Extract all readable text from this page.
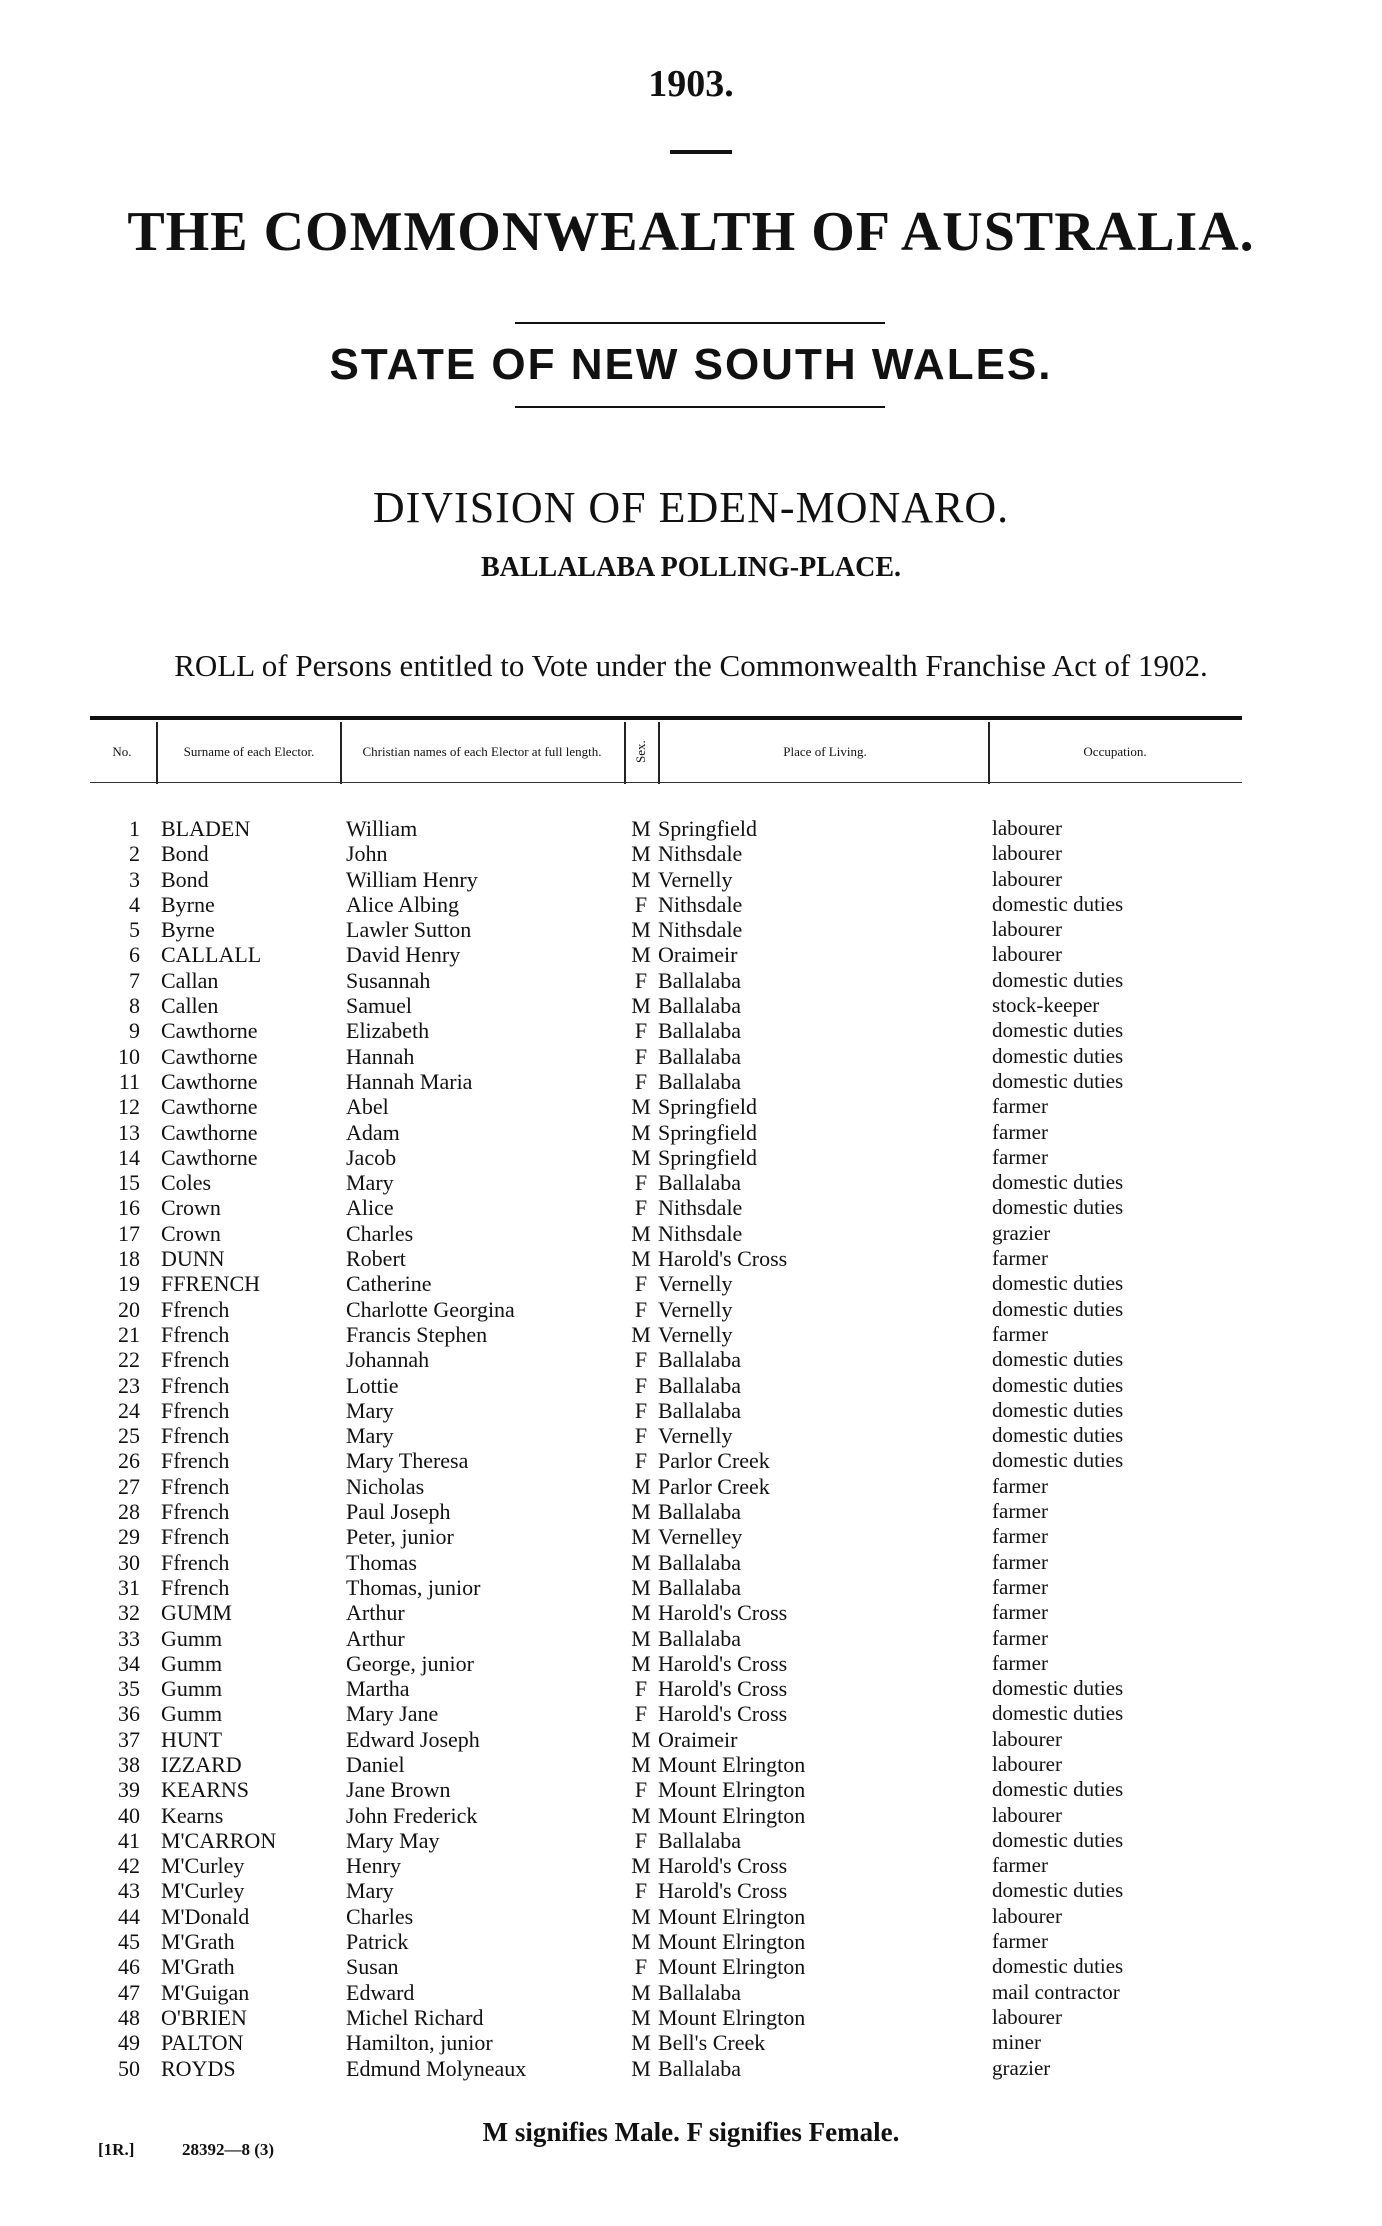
1903.
THE COMMONWEALTH OF AUSTRALIA.
STATE OF NEW SOUTH WALES.
DIVISION OF EDEN-MONARO.
BALLALABA POLLING-PLACE.
ROLL of Persons entitled to Vote under the Commonwealth Franchise Act of 1902.
No.	Surname of each Elector.	Christian names of each Elector at full length.	Sex.	Place of Living.	Occupation.
1 BLADEN	William	M Springfield	labourer
2 Bond	John	M Nithsdale	labourer
3 Bond	William Henry	M Vernelly	labourer
4 Byrne	Alice Albing	F Nithsdale	domestic duties
5 Byrne	Lawler Sutton	M Nithsdale	labourer
6 CALLALL	David Henry	M Oraimeir	labourer
7 Callan	Susannah	F Ballalaba	domestic duties
8 Callen	Samuel	M Ballalaba	stock-keeper
9 Cawthorne	Elizabeth	F Ballalaba	domestic duties
10 Cawthorne	Hannah	F Ballalaba	domestic duties
11 Cawthorne	Hannah Maria	F Ballalaba	domestic duties
12 Cawthorne	Abel	M Springfield	farmer
13 Cawthorne	Adam	M Springfield	farmer
14 Cawthorne	Jacob	M Springfield	farmer
15 Coles	Mary	F Ballalaba	domestic duties
16 Crown	Alice	F Nithsdale	domestic duties
17 Crown	Charles	M Nithsdale	grazier
18 DUNN	Robert	M Harold's Cross	farmer
19 FFRENCH	Catherine	F Vernelly	domestic duties
20 Ffrench	Charlotte Georgina	F Vernelly	domestic duties
21 Ffrench	Francis Stephen	M Vernelly	farmer
22 Ffrench	Johannah	F Ballalaba	domestic duties
23 Ffrench	Lottie	F Ballalaba	domestic duties
24 Ffrench	Mary	F Ballalaba	domestic duties
25 Ffrench	Mary	F Vernelly	domestic duties
26 Ffrench	Mary Theresa	F Parlor Creek	domestic duties
27 Ffrench	Nicholas	M Parlor Creek	farmer
28 Ffrench	Paul Joseph	M Ballalaba	farmer
29 Ffrench	Peter, junior	M Vernelley	farmer
30 Ffrench	Thomas	M Ballalaba	farmer
31 Ffrench	Thomas, junior	M Ballalaba	farmer
32 GUMM	Arthur	M Harold's Cross	farmer
33 Gumm	Arthur	M Ballalaba	farmer
34 Gumm	George, junior	M Harold's Cross	farmer
35 Gumm	Martha	F Harold's Cross	domestic duties
36 Gumm	Mary Jane	F Harold's Cross	domestic duties
37 HUNT	Edward Joseph	M Oraimeir	labourer
38 IZZARD	Daniel	M Mount Elrington	labourer
39 KEARNS	Jane Brown	F Mount Elrington	domestic duties
40 Kearns	John Frederick	M Mount Elrington	labourer
41 M'CARRON	Mary May	F Ballalaba	domestic duties
42 M'Curley	Henry	M Harold's Cross	farmer
43 M'Curley	Mary	F Harold's Cross	domestic duties
44 M'Donald	Charles	M Mount Elrington	labourer
45 M'Grath	Patrick	M Mount Elrington	farmer
46 M'Grath	Susan	F Mount Elrington	domestic duties
47 M'Guigan	Edward	M Ballalaba	mail contractor
48 O'BRIEN	Michel Richard	M Mount Elrington	labourer
49 PALTON	Hamilton, junior	M Bell's Creek	miner
50 ROYDS	Edmund Molyneaux	M Ballalaba	grazier
M signifies Male. F signifies Female.
[1R.]	28392—8 (3)
